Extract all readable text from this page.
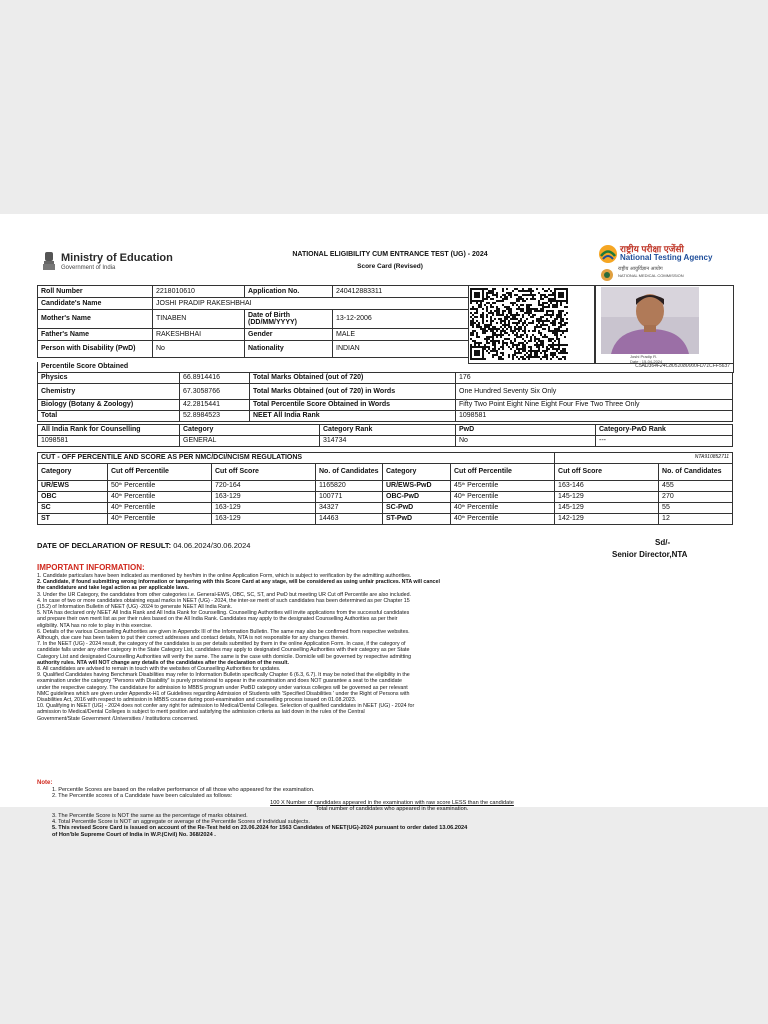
Ministry of Education
Government of India
NATIONAL ELIGIBILITY CUM ENTRANCE TEST (UG) - 2024
Score Card (Revised)
राष्ट्रीय परीक्षा एजेंसी
National Testing Agency
राष्ट्रीय आयुर्विज्ञान आयोग
NATIONAL MEDICAL COMMISSION
Roll Number	2218010610	Application No.	240412883311
Candidate's Name	JOSHI PRADIP RAKESHBHAI		
Mother's Name	TINABEN	Date of Birth (DD/MM/YYYY)	13-12-2006
Father's Name	RAKESHBHAI	Gender	MALE
Person with Disability (PwD)	No	Nationality	INDIAN
Joshi Pradip R.
Date : 15-04-2024
Percentile Score Obtained	C5AD364F24C8051080000FD71CFF5637
Physics	66.8914416	Total Marks Obtained (out of 720)	176
Chemistry	67.3058766	Total Marks Obtained (out of 720) in Words	One Hundred Seventy Six Only
Biology (Botany & Zoology)	42.2815441	Total Percentile Score Obtained in Words	Fifty Two Point Eight Nine Eight Four Five Two Three Only
Total	52.8984523	NEET All India Rank	1098581
All India Rank for Counselling	Category	Category Rank	PwD	Category-PwD Rank
1098581	GENERAL	314734	No	---
CUT - OFF PERCENTILE AND SCORE AS PER NMC/DCI/NCISM REGULATIONS						NTA910852711	
Category	Cut off Percentile	Cut off Score	No. of Candidates	Category	Cut off Percentile	Cut off Score	No. of Candidates
UR/EWS	50th Percentile	720-164	1165820	UR/EWS-PwD	45th Percentile	163-146	455
OBC	40th Percentile	163-129	100771	OBC-PwD	40th Percentile	145-129	270
SC	40th Percentile	163-129	34327	SC-PwD	40th Percentile	145-129	55
ST	40th Percentile	163-129	14463	ST-PwD	40th Percentile	142-129	12
DATE OF DECLARATION OF RESULT: 04.06.2024/30.06.2024	Sd/-
Senior Director,NTA
IMPORTANT INFORMATION:
1. Candidate particulars have been indicated as mentioned by her/him in the online Application Form, which is subject to verification by the admitting authorities.
2. Candidate, if found submitting wrong information or tampering with this Score Card at any stage, will be considered as using unfair practices. NTA will cancel
the candidature and take legal action as per applicable laws.
3. Under the UR Category, the candidates from other categories i.e. General-EWS, OBC, SC, ST, and PwD but meeting UR Cut off Percentile are also included.
4. In case of two or more candidates obtaining equal marks in NEET (UG) - 2024, the inter-se merit of such candidates has been determined as per Chapter 15
(15.2) of Information Bulletin of NEET (UG) -2024 to generate NEET All India Rank.
5. NTA has declared only NEET All India Rank and All India Rank for Counselling. Counselling Authorities will invite applications from the successful candidates
and prepare their own merit list as per their rules based on the All India Rank. Candidates may apply to the designated Counselling Authorities as per their
eligibility. NTA has no role to play in this exercise.
6. Details of the various Counselling Authorities are given in Appendix III of the Information Bulletin. The same may also be confirmed from respective websites.
Although, due care has been taken to put their correct addresses and contact details, NTA is not responsible for any changes therein.
7. In the NEET (UG) - 2024 result, the category of the candidates is as per details submitted by them in the online Application Form. In case, if the category of
candidate falls under any other category in the State Category List, candidates may apply to designated Counselling Authorities with their category as per State
Category List and designated Counselling Authorities will verify the same. The same is the case with domicile. Domicile will be governed by respective admitting
authority rules. NTA will NOT change any details of the candidates after the declaration of the result.
8. All candidates are advised to remain in touch with the websites of Counselling Authorities for updates.
9. Qualified Candidates having Benchmark Disabilities may refer to Information Bulletin specifically Chapter 6 (6.3, 6.7). It may be noted that the eligibility in the
examination under the category "Persons with Disability" is purely provisional to appear in the examination and does NOT guarantee a seat to the candidate
under the respective category. The candidature for admission to MBBS program under PwBD category under various colleges will be governed as per relevant
NMC guidelines which are given under Appendix-H1 of Guidelines regarding Admission of Students with 'Specified Disabilities ' under the Right of Persons with
Disabilities Act, 2016 with respect to admission in MBBS course during post-examination and counselling process issued on 01.08.2023.
10. Qualifying in NEET (UG) - 2024 does not confer any right for admission to Medical/Dental Colleges. Selection of qualified candidates in NEET (UG) - 2024 for
admission to Medical/Dental Colleges is subject to merit position and satisfying the admission criteria as laid down in the rules of the Central
Government/State Government /Universities / Institutions concerned.
Note:
1. Percentile Scores are based on the relative performance of all those who appeared for the examination.
2. The Percentile scores of a Candidate have been calculated as follows:
100 X Number of candidates appeared in the examination with raw score LESS than the candidate
Total number of candidates who appeared in the examination.
3. The Percentile Score is NOT the same as the percentage of marks obtained.
4. Total Percentile Score is NOT an aggregate or average of the Percentile Scores of individual subjects.
5. This revised Score Card is issued on account of the Re-Test held on 23.06.2024 for 1563 Candidates of NEET(UG)-2024 pursuant to order dated 13.06.2024
of Hon'ble Supreme Court of India in W.P.(Civil) No. 368/2024 .
